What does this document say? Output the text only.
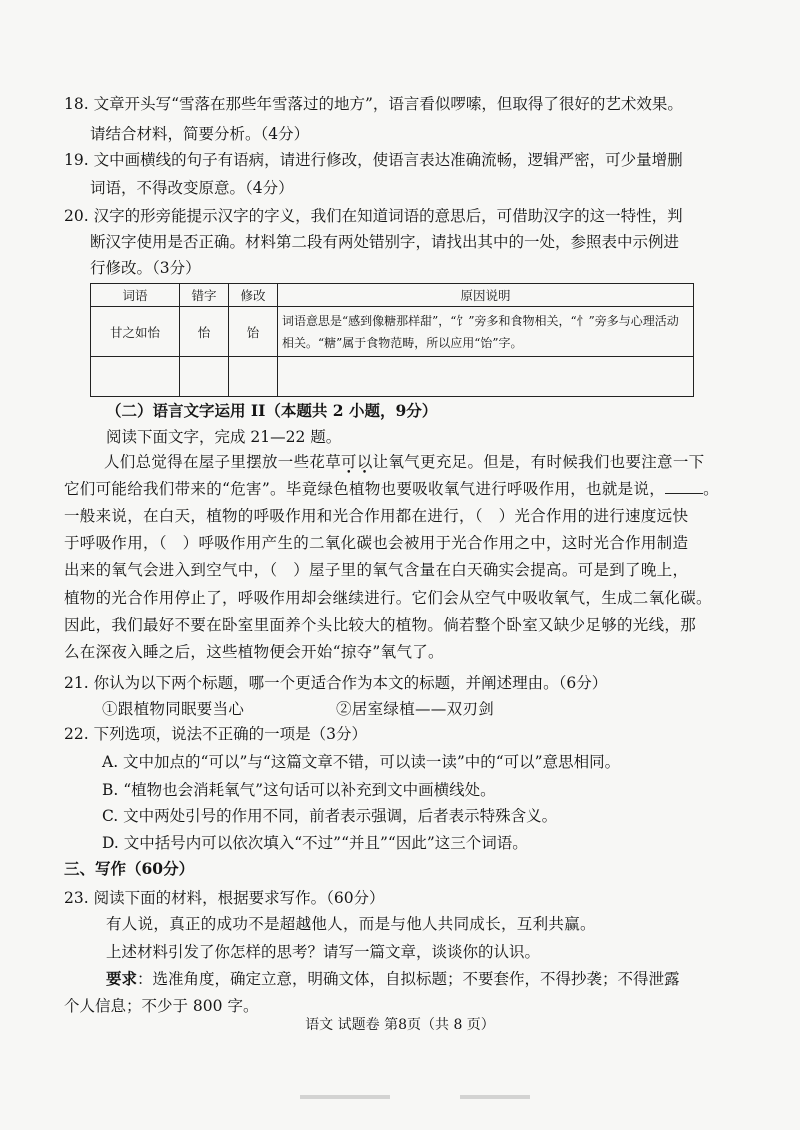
18. 文章开头写“雪落在那些年雪落过的地方”，语言看似啰嗦，但取得了很好的艺术效果。
请结合材料，简要分析。（4分）
19. 文中画横线的句子有语病，请进行修改，使语言表达准确流畅，逻辑严密，可少量增删
词语，不得改变原意。（4分）
20. 汉字的形旁能提示汉字的字义，我们在知道词语的意思后，可借助汉字的这一特性，判
断汉字使用是否正确。材料第二段有两处错别字，请找出其中的一处，参照表中示例进
行修改。（3分）
词语	错字	修改	原因说明
甘之如怡	怡	饴	词语意思是“感到像糖那样甜”，“饣”旁多和食物相关，“忄”旁多与心理活动相关。“糖”属于食物范畴，所以应用“饴”字。

（二）语言文字运用 II（本题共 2 小题，9分）
阅读下面文字，完成 21—22 题。
人们总觉得在屋子里摆放一些花草可以让氧气更充足。但是，有时候我们也要注意一下
它们可能给我们带来的“危害”。毕竟绿色植物也要吸收氧气进行呼吸作用，也就是说， 。
一般来说，在白天，植物的呼吸作用和光合作用都在进行，（　）光合作用的进行速度远快
于呼吸作用，（　）呼吸作用产生的二氧化碳也会被用于光合作用之中，这时光合作用制造
出来的氧气会进入到空气中，（　）屋子里的氧气含量在白天确实会提高。可是到了晚上，
植物的光合作用停止了，呼吸作用却会继续进行。它们会从空气中吸收氧气，生成二氧化碳。
因此，我们最好不要在卧室里面养个头比较大的植物。倘若整个卧室又缺少足够的光线，那
么在深夜入睡之后，这些植物便会开始“掠夺”氧气了。
21. 你认为以下两个标题，哪一个更适合作为本文的标题，并阐述理由。（6分）
①跟植物同眠要当心	②居室绿植——双刃剑
22. 下列选项，说法不正确的一项是（3分）
A. 文中加点的“可以”与“这篇文章不错，可以读一读”中的“可以”意思相同。
B. “植物也会消耗氧气”这句话可以补充到文中画横线处。
C. 文中两处引号的作用不同，前者表示强调，后者表示特殊含义。
D. 文中括号内可以依次填入“不过”“并且”“因此”这三个词语。
三、写作（60分）
23. 阅读下面的材料，根据要求写作。（60分）
有人说，真正的成功不是超越他人，而是与他人共同成长，互利共赢。
上述材料引发了你怎样的思考？请写一篇文章，谈谈你的认识。
要求：选准角度，确定立意，明确文体，自拟标题；不要套作，不得抄袭；不得泄露
个人信息；不少于 800 字。
语文 试题卷 第8页（共 8 页）
